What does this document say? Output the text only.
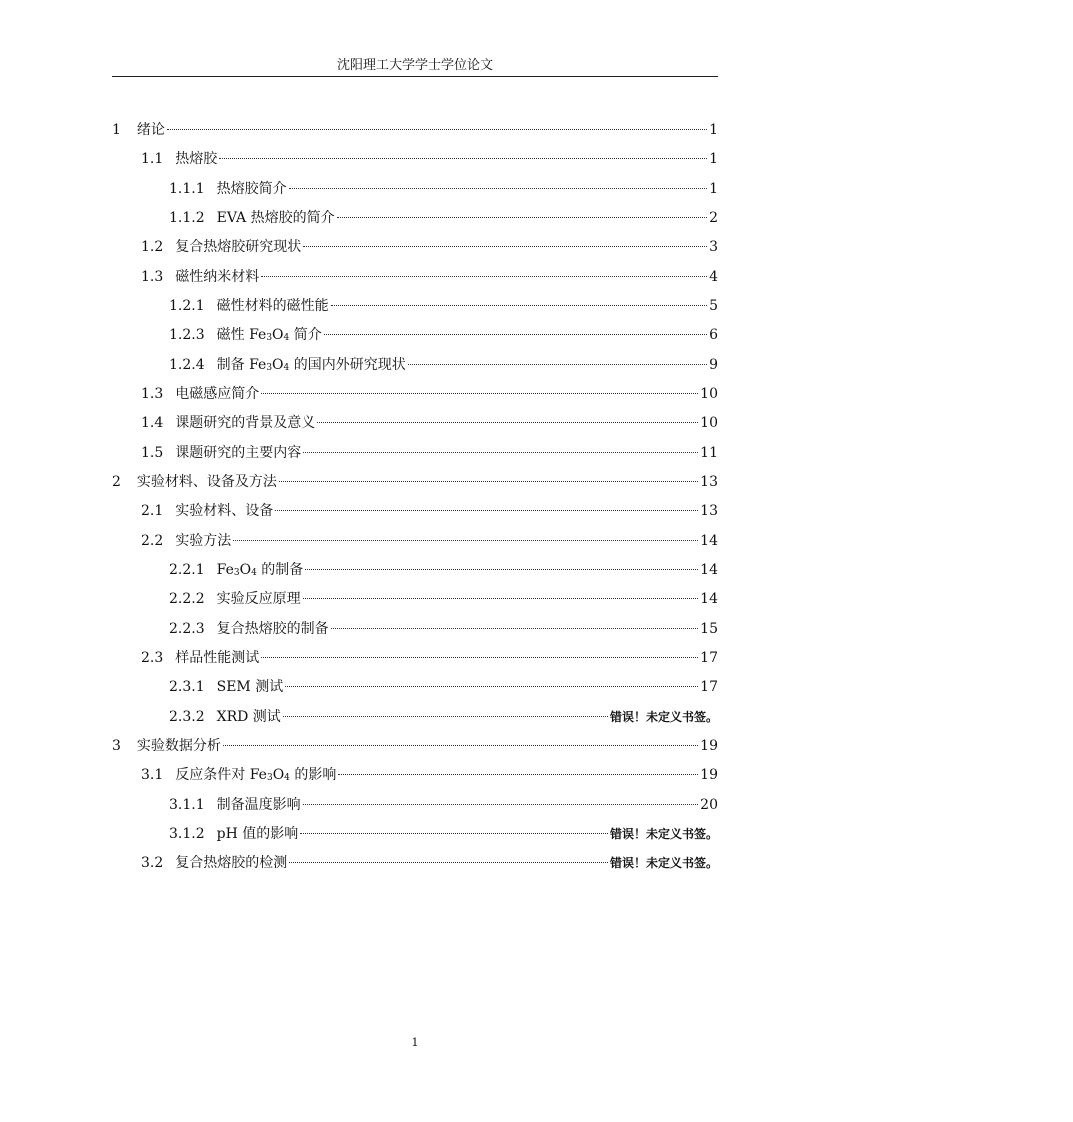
沈阳理工大学学士学位论文
1 绪论	1
1.1 热熔胶	1
1.1.1 热熔胶简介	1
1.1.2 EVA 热熔胶的简介	2
1.2 复合热熔胶研究现状	3
1.3 磁性纳米材料	4
1.2.1 磁性材料的磁性能	5
1.2.3 磁性 $Fe_3O_4$ 简介	6
1.2.4 制备 $Fe_3O_4$ 的国内外研究现状	9
1.3 电磁感应简介	10
1.4 课题研究的背景及意义	10
1.5 课题研究的主要内容	11
2 实验材料、设备及方法	13
2.1 实验材料、设备	13
2.2 实验方法	14
2.2.1 $Fe_3O_4$ 的制备	14
2.2.2 实验反应原理	14
2.2.3 复合热熔胶的制备	15
2.3 样品性能测试	17
2.3.1 SEM 测试	17
2.3.2 XRD 测试	错误！未定义书签。
3 实验数据分析	19
3.1 反应条件对 $Fe_3O_4$ 的影响	19
3.1.1 制备温度影响	20
3.1.2 pH 值的影响	错误！未定义书签。
3.2 复合热熔胶的检测	错误！未定义书签。
1
